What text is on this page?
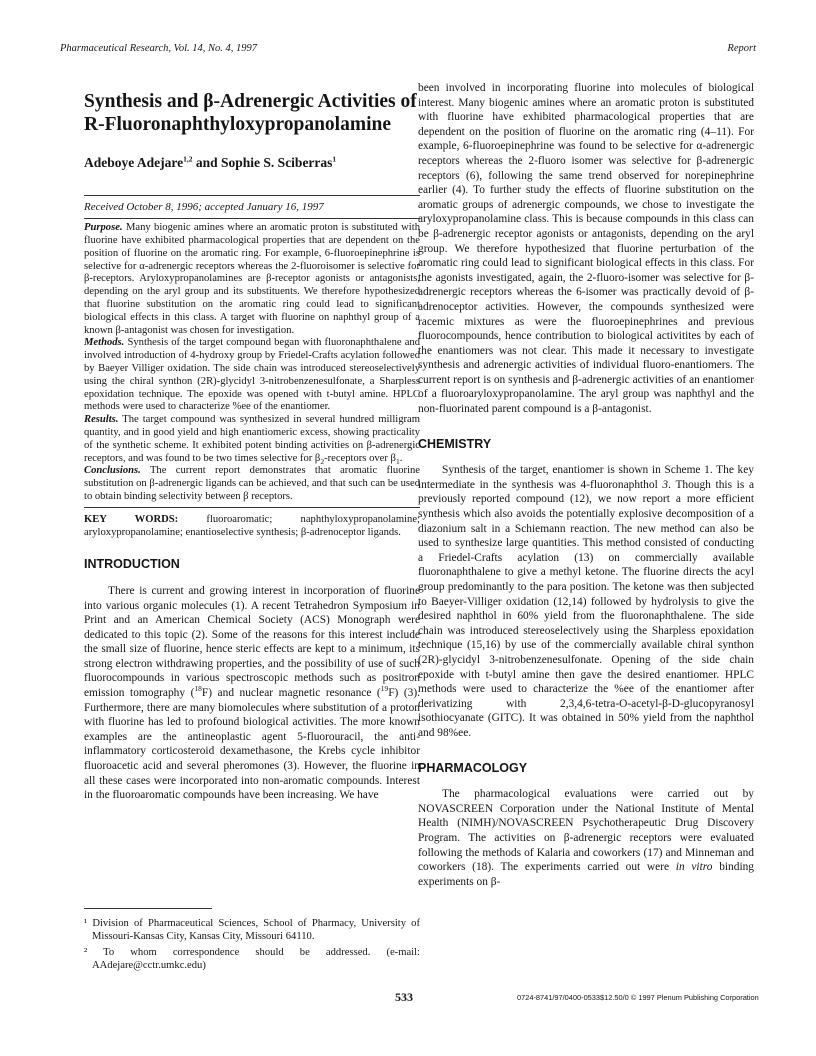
Pharmaceutical Research, Vol. 14, No. 4, 1997	Report
Synthesis and β-Adrenergic Activities of R-Fluoronaphthyloxypropanolamine
Adeboye Adejare$^{1,2}$ and Sophie S. Sciberras$^1$
Received October 8, 1996; accepted January 16, 1997

Purpose. Many biogenic amines where an aromatic proton is substituted with fluorine have exhibited pharmacological properties that are dependent on the position of fluorine on the aromatic ring. For example, 6-fluoroepinephrine is selective for α-adrenergic receptors whereas the 2-fluoroisomer is selective for β-receptors. Aryloxypropanolamines are β-receptor agonists or antagonists, depending on the aryl group and its substituents. We therefore hypothesized that fluorine substitution on the aromatic ring could lead to significant biological effects in this class. A target with fluorine on naphthyl group of a known β-antagonist was chosen for investigation.

Methods. Synthesis of the target compound began with fluoronaphthalene and involved introduction of 4-hydroxy group by Friedel-Crafts acylation followed by Baeyer Villiger oxidation. The side chain was introduced stereoselectively using the chiral synthon (2R)-glycidyl 3-nitrobenzenesulfonate, a Sharpless epoxidation technique. The epoxide was opened with t-butyl amine. HPLC methods were used to characterize %ee of the enantiomer.

Results. The target compound was synthesized in several hundred milligram quantity, and in good yield and high enantiomeric excess, showing practicality of the synthetic scheme. It exhibited potent binding activities on β-adrenergic receptors, and was found to be two times selective for $\beta_2$-receptors over $\beta_1$.

Conclusions. The current report demonstrates that aromatic fluorine substitution on β-adrenergic ligands can be achieved, and that such can be used to obtain binding selectivity between β receptors.

KEY WORDS: fluoroaromatic; naphthyloxypropanolamine; aryloxypropanolamine; enantioselective synthesis; β-adrenoceptor ligands.
INTRODUCTION

There is current and growing interest in incorporation of fluorine into various organic molecules (1). A recent Tetrahedron Symposium in Print and an American Chemical Society (ACS) Monograph were dedicated to this topic (2). Some of the reasons for this interest include the small size of fluorine, hence steric effects are kept to a minimum, its strong electron withdrawing properties, and the possibility of use of such fluorocompounds in various spectroscopic methods such as positron emission tomography ($^{18}$F) and nuclear magnetic resonance ($^{19}$F) (3). Furthermore, there are many biomolecules where substitution of a proton with fluorine has led to profound biological activities. The more known examples are the antineoplastic agent 5-fluorouracil, the anti-inflammatory corticosteroid dexamethasone, the Krebs cycle inhibitor fluoroacetic acid and several pheromones (3). However, the fluorine in all these cases were incorporated into non-aromatic compounds. Interest in the fluoroaromatic compounds have been increasing. We have

been involved in incorporating fluorine into molecules of biological interest. Many biogenic amines where an aromatic proton is substituted with fluorine have exhibited pharmacological properties that are dependent on the position of fluorine on the aromatic ring (4–11). For example, 6-fluoroepinephrine was found to be selective for α-adrenergic receptors whereas the 2-fluoro isomer was selective for β-adrenergic receptors (6), following the same trend observed for norepinephrine earlier (4). To further study the effects of fluorine substitution on the aromatic groups of adrenergic compounds, we chose to investigate the aryloxypropanolamine class. This is because compounds in this class can be β-adrenergic receptor agonists or antagonists, depending on the aryl group. We therefore hypothesized that fluorine perturbation of the aromatic ring could lead to significant biological effects in this class. For the agonists investigated, again, the 2-fluoro-isomer was selective for β-adrenergic receptors whereas the 6-isomer was practically devoid of β-adrenoceptor activities. However, the compounds synthesized were racemic mixtures as were the fluoroepinephrines and previous fluorocompounds, hence contribution to biological activitites by each of the enantiomers was not clear. This made it necessary to investigate synthesis and adrenergic activities of individual fluoro-enantiomers. The current report is on synthesis and β-adrenergic activities of an enantiomer of a fluoroaryloxypropanolamine. The aryl group was naphthyl and the non-fluorinated parent compound is a β-antagonist.

CHEMISTRY

Synthesis of the target, enantiomer is shown in Scheme 1. The key intermediate in the synthesis was 4-fluoronaphthol 3. Though this is a previously reported compound (12), we now report a more efficient synthesis which also avoids the potentially explosive decomposition of a diazonium salt in a Schiemann reaction. The new method can also be used to synthesize large quantities. This method consisted of conducting a Friedel-Crafts acylation (13) on commercially available fluoronaphthalene to give a methyl ketone. The fluorine directs the acyl group predominantly to the para position. The ketone was then subjected to Baeyer-Villiger oxidation (12,14) followed by hydrolysis to give the desired naphthol in 60% yield from the fluoronaphthalene. The side chain was introduced stereoselectively using the Sharpless epoxidation technique (15,16) by use of the commercially available chiral synthon (2R)-glycidyl 3-nitrobenzenesulfonate. Opening of the side chain epoxide with t-butyl amine then gave the desired enantiomer. HPLC methods were used to characterize the %ee of the enantiomer after derivatizing with 2,3,4,6-tetra-O-acetyl-β-D-glucopyranosyl isothiocyanate (GITC). It was obtained in 50% yield from the naphthol and 98%ee.

PHARMACOLOGY

The pharmacological evaluations were carried out by NOVASCREEN Corporation under the National Institute of Mental Health (NIMH)/NOVASCREEN Psychotherapeutic Drug Discovery Program. The activities on β-adrenergic receptors were evaluated following the methods of Kalaria and coworkers (17) and Minneman and coworkers (18). The experiments carried out were in vitro binding experiments on β-

¹ Division of Pharmaceutical Sciences, School of Pharmacy, University of Missouri-Kansas City, Kansas City, Missouri 64110.

² To whom correspondence should be addressed. (e-mail: AAdejare@cctr.umkc.edu)

533	0724-8741/97/0400-0533$12.50/0 © 1997 Plenum Publishing Corporation
